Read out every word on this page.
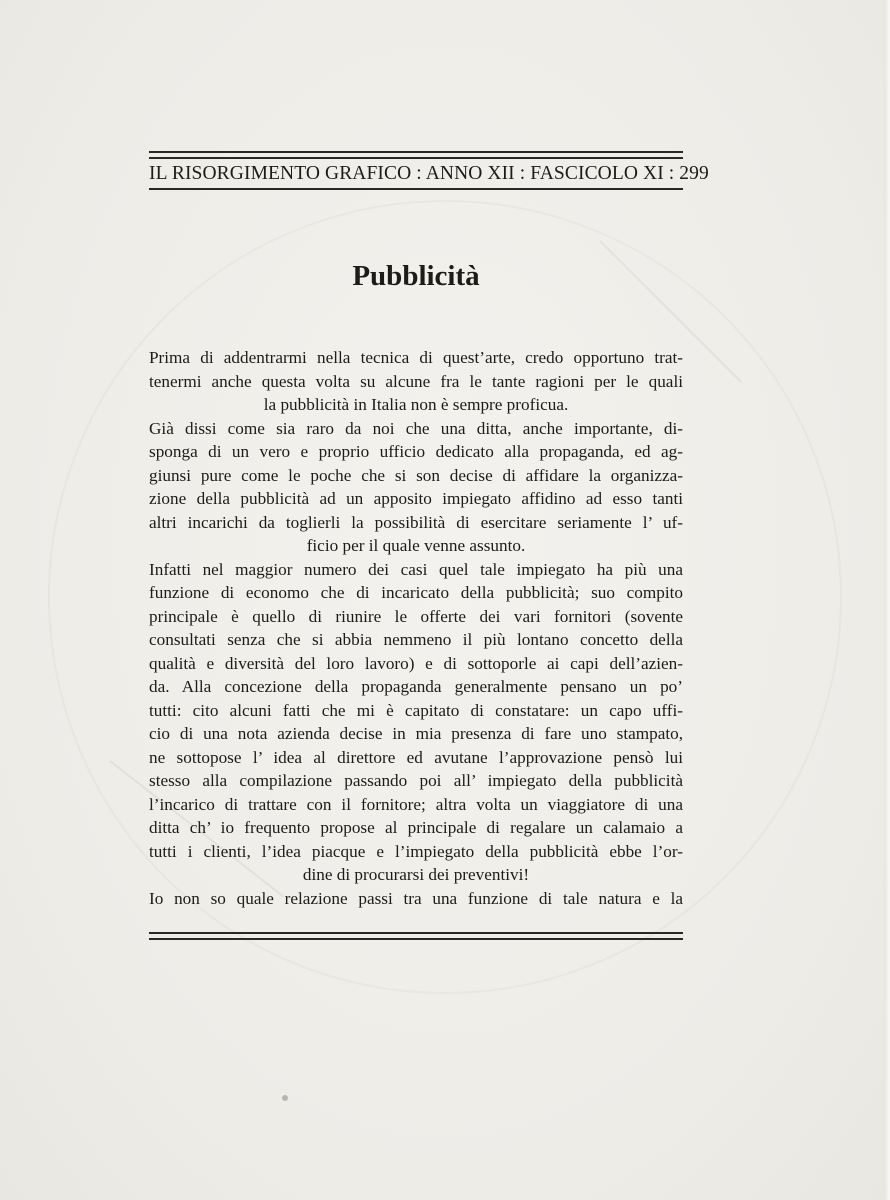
IL RISORGIMENTO GRAFICO : ANNO XII : FASCICOLO XI : 299
Pubblicità
Prima di addentrarmi nella tecnica di quest’arte, credo opportuno trat-
tenermi anche questa volta su alcune fra le tante ragioni per le quali
la pubblicità in Italia non è sempre proficua.
Già dissi come sia raro da noi che una ditta, anche importante, di-
sponga di un vero e proprio ufficio dedicato alla propaganda, ed ag-
giunsi pure come le poche che si son decise di affidare la organizza-
zione della pubblicità ad un apposito impiegato affidino ad esso tanti
altri incarichi da toglierli la possibilità di esercitare seriamente l’ uf-
ficio per il quale venne assunto.
Infatti nel maggior numero dei casi quel tale impiegato ha più una
funzione di economo che di incaricato della pubblicità; suo compito
principale è quello di riunire le offerte dei vari fornitori (sovente
consultati senza che si abbia nemmeno il più lontano concetto della
qualità e diversità del loro lavoro) e di sottoporle ai capi dell’azien-
da. Alla concezione della propaganda generalmente pensano un po’
tutti: cito alcuni fatti che mi è capitato di constatare: un capo uffi-
cio di una nota azienda decise in mia presenza di fare uno stampato,
ne sottopose l’ idea al direttore ed avutane l’approvazione pensò lui
stesso alla compilazione passando poi all’ impiegato della pubblicità
l’incarico di trattare con il fornitore; altra volta un viaggiatore di una
ditta ch’ io frequento propose al principale di regalare un calamaio a
tutti i clienti, l’idea piacque e l’impiegato della pubblicità ebbe l’or-
dine di procurarsi dei preventivi!
Io non so quale relazione passi tra una funzione di tale natura e la
